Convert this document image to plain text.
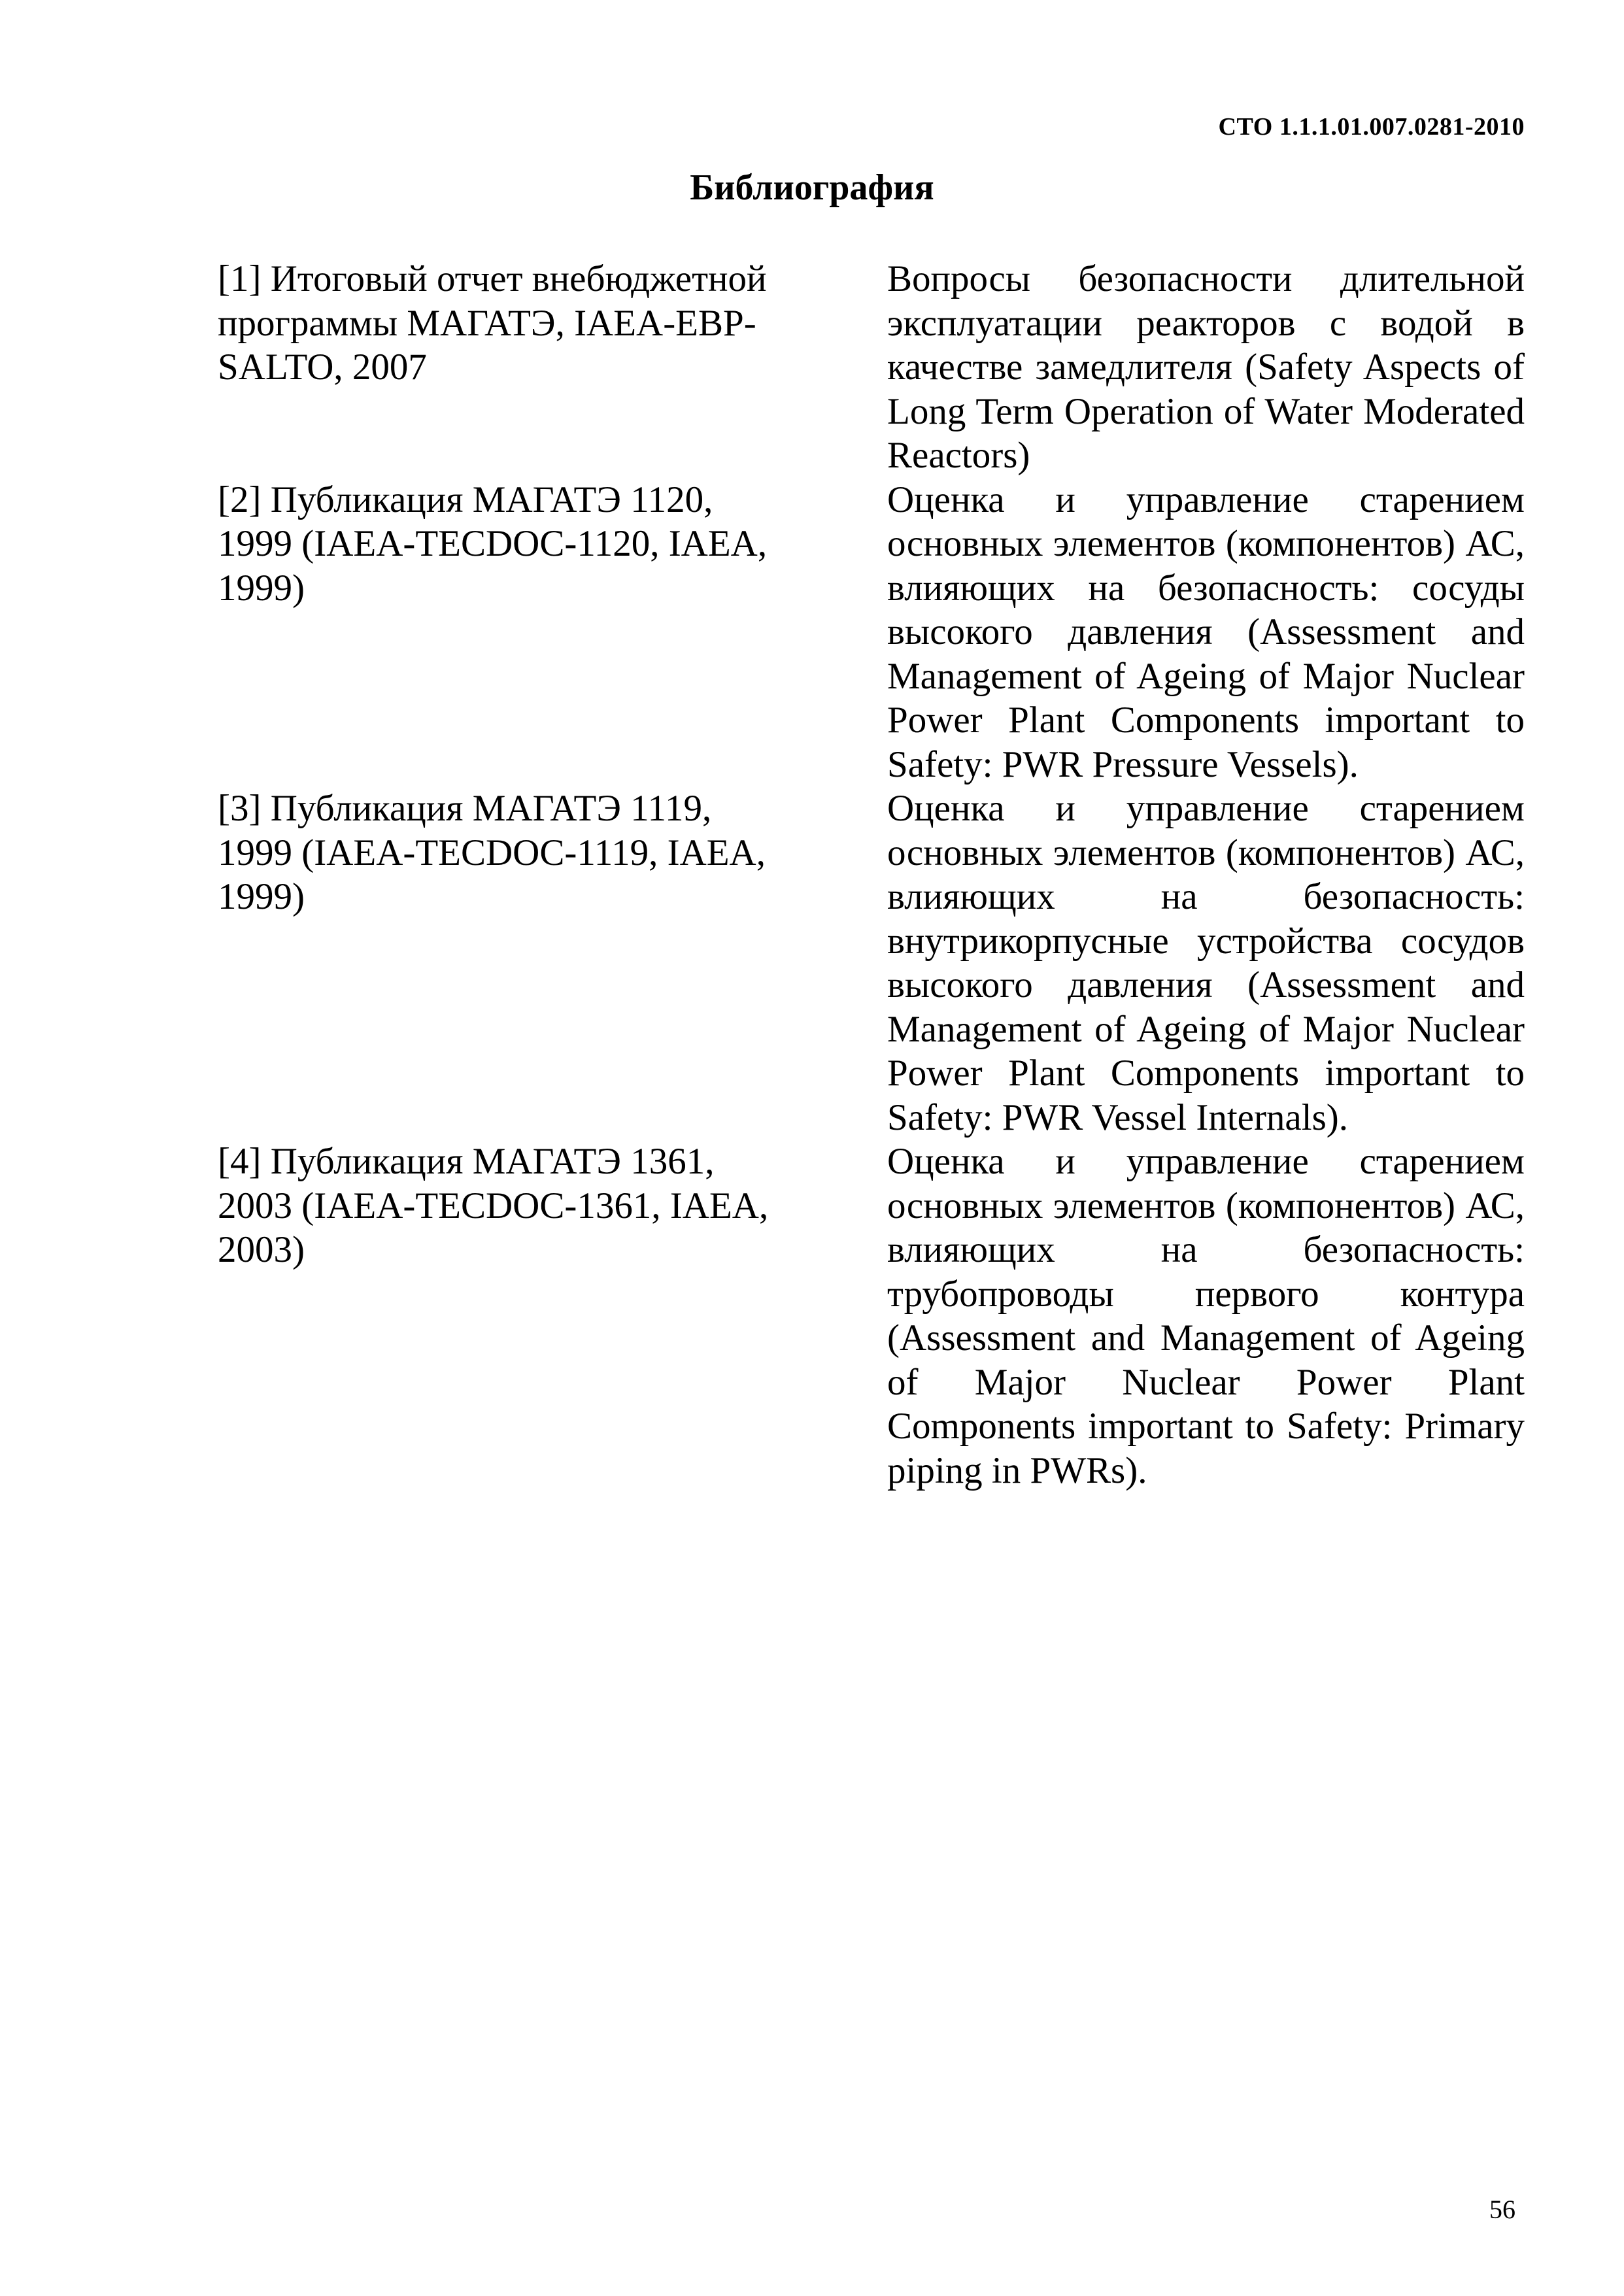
СТО 1.1.1.01.007.0281-2010
Библиография
[1] Итоговый отчет внебюджетной программы МАГАТЭ, IAEA-EBP-SALTO, 2007
Вопросы безопасности длительной эксплуатации реакторов с водой в качестве замедлителя (Safety Aspects of Long Term Operation of Water Moderated Reactors)
[2] Публикация МАГАТЭ 1120, 1999 (IAEA-TECDOC-1120, IAEA, 1999)
Оценка и управление старением основных элементов (компонентов) АС, влияющих на безопасность: сосуды высокого давления (Assessment and Management of Ageing of Major Nuclear Power Plant Components important to Safety: PWR Pressure Vessels).
[3] Публикация МАГАТЭ 1119, 1999 (IAEA-TECDOC-1119, IAEA, 1999)
Оценка и управление старением основных элементов (компонентов) АС, влияющих на безопасность: внутрикорпусные устройства сосудов высокого давления (Assessment and Management of Ageing of Major Nuclear Power Plant Components important to Safety: PWR Vessel Internals).
[4] Публикация МАГАТЭ 1361, 2003 (IAEA-TECDOC-1361, IAEA, 2003)
Оценка и управление старением основных элементов (компонентов) АС, влияющих на безопасность: трубопроводы первого контура (Assessment and Management of Ageing of Major Nuclear Power Plant Components important to Safety: Primary piping in PWRs).
56
